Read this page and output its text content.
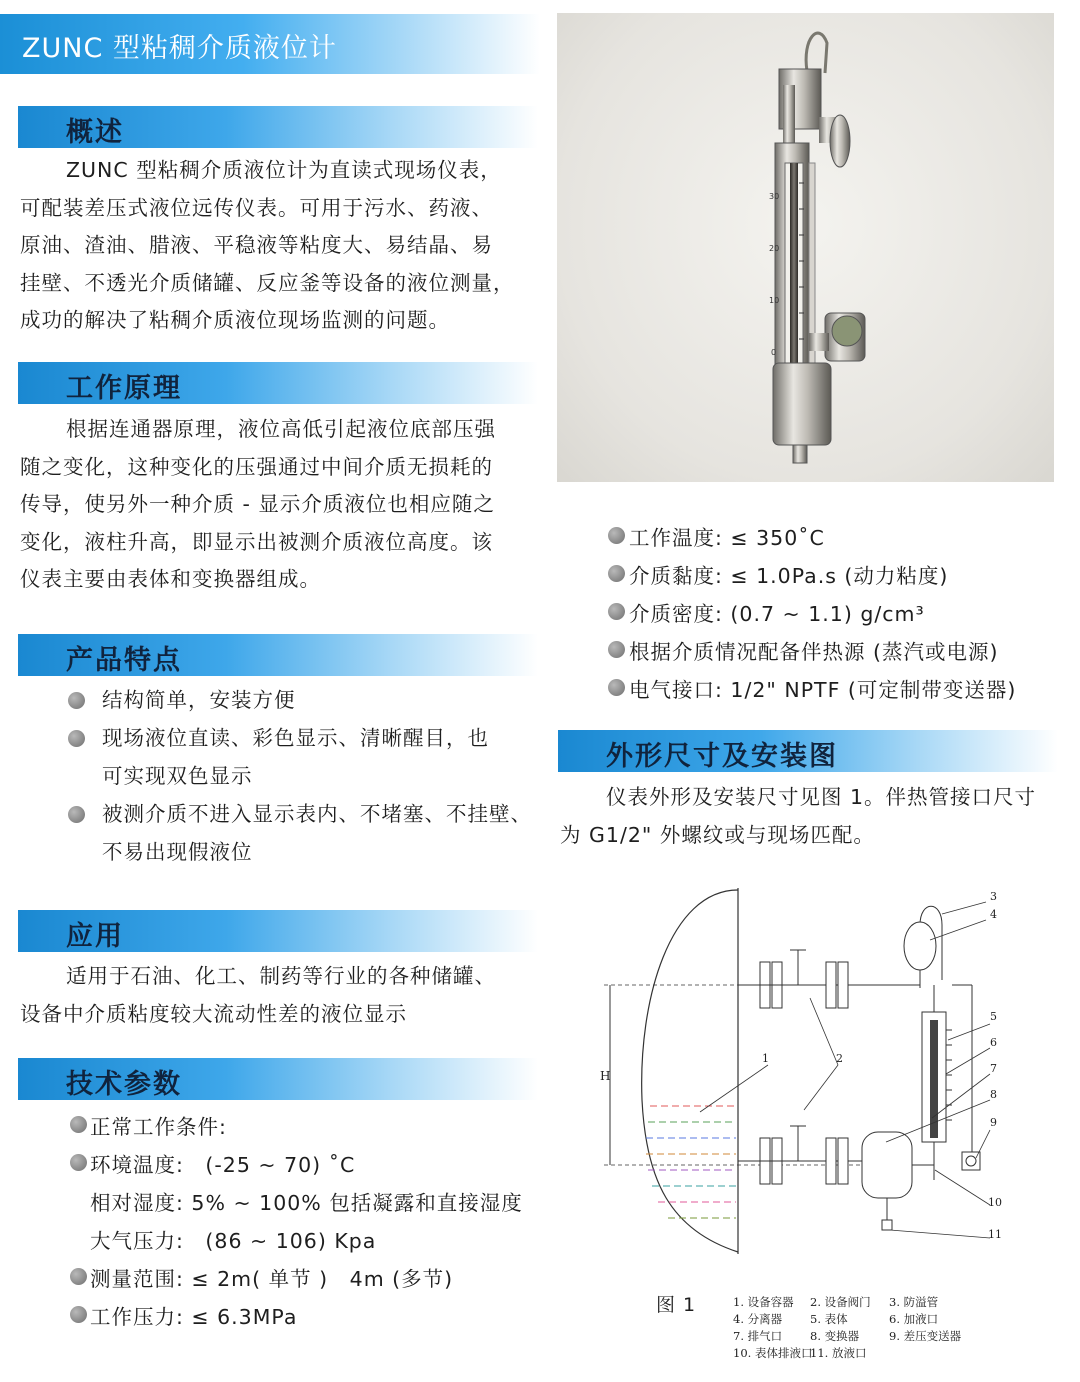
ZUNC 型粘稠介质液位计
概述
ZUNC 型粘稠介质液位计为直读式现场仪表，
可配装差压式液位远传仪表。可用于污水、药液、
原油、渣油、腊液、平稳液等粘度大、易结晶、易
挂壁、不透光介质储罐、反应釜等设备的液位测量，
成功的解决了粘稠介质液位现场监测的问题。
工作原理
根据连通器原理，液位高低引起液位底部压强
随之变化，这种变化的压强通过中间介质无损耗的
传导，使另外一种介质 - 显示介质液位也相应随之
变化，液柱升高，即显示出被测介质液位高度。该
仪表主要由表体和变换器组成。
产品特点
结构简单，安装方便
现场液位直读、彩色显示、清晰醒目，也
可实现双色显示
被测介质不进入显示表内、不堵塞、不挂壁、
不易出现假液位
应用
适用于石油、化工、制药等行业的各种储罐、
设备中介质粘度较大流动性差的液位显示
技术参数
正常工作条件:
环境温度:　(-25 ~ 70) ˚C
相对湿度: 5% ~ 100% 包括凝露和直接湿度
大气压力:　(86 ~ 106) Kpa
测量范围: ≤ 2m( 单节 )　4m (多节)
工作压力: ≤ 6.3MPa
30
20
10
0
工作温度: ≤ 350˚C
介质黏度: ≤ 1.0Pa.s (动力粘度)
介质密度: (0.7 ~ 1.1) g/cm³
根据介质情况配备伴热源 (蒸汽或电源)
电气接口: 1/2" NPTF (可定制带变送器)
外形尺寸及安装图
仪表外形及安装尺寸见图 1。伴热管接口尺寸
为 G1/2" 外螺纹或与现场匹配。
H
1	2
3
4
5
6
7
8
9
10
11
图 1	1. 设备容器 2. 设备阀门 3. 防溢管
4. 分离器 5. 表体	6. 加液口
7. 排气口 8. 变换器	9. 差压变送器
10. 表体排液口
11. 放液口
